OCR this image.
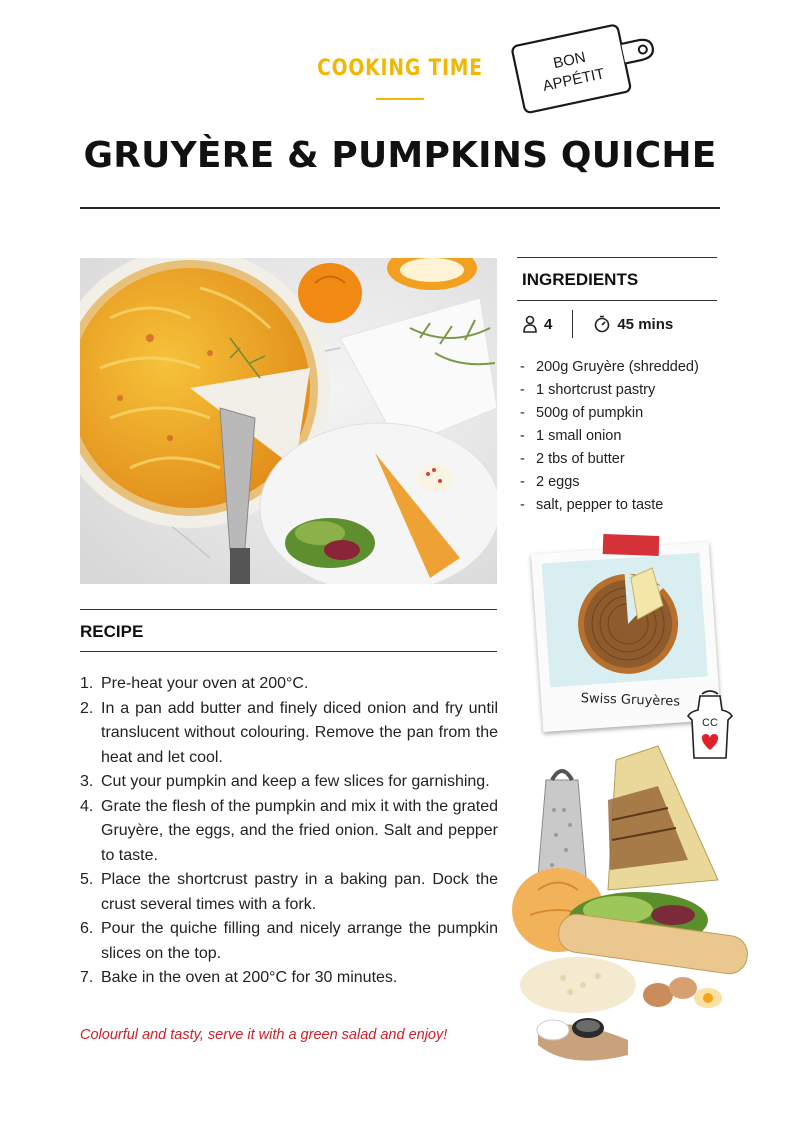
COOKING TIME	BON
APPÉTIT
GRUYÈRE & PUMPKINS QUICHE
INGREDIENTS
4	45 mins
- 200g Gruyère (shredded)
- 1 shortcrust pastry
- 500g of pumpkin
- 1 small onion
- 2 tbs of butter
- 2 eggs
- salt, pepper to taste
Swiss Gruyères
CC
RECIPE
1. Pre-heat your oven at 200°C.
2. In a pan add butter and finely diced onion and fry until translucent without colouring. Remove the pan from the heat and let cool.
3. Cut your pumpkin and keep a few slices for garnishing.
4. Grate the flesh of the pumpkin and mix it with the grated Gruyère, the eggs, and the fried onion. Salt and pepper to taste.
5. Place the shortcrust pastry in a baking pan. Dock the crust several times with a fork.
6. Pour the quiche filling and nicely arrange the pumpkin slices on the top.
7. Bake in the oven at 200°C for 30 minutes.
Colourful and tasty, serve it with a green salad and enjoy!
